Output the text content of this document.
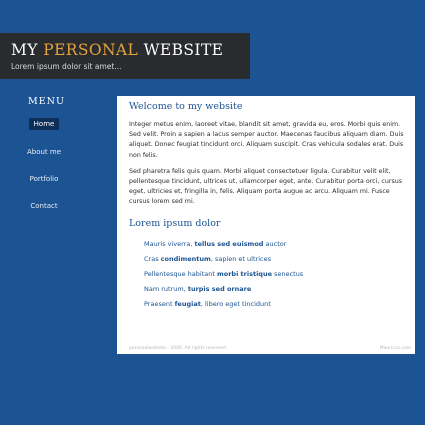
MY PERSONAL WEBSITE
Lorem ipsum dolor sit amet...
MENU
Home
About me
Portfolio
Contact
Welcome to my website

Integer metus enim, laoreet vitae, blandit sit amet, gravida eu, eros. Morbi quis enim. Sed velit. Proin a sapien a lacus semper auctor. Maecenas faucibus aliquam diam. Duis aliquet. Donec feugiat tincidunt orci. Aliquam suscipit. Cras vehicula sodales erat. Duis non felis.

Sed pharetra felis quis quam. Morbi aliquet consectetuer ligula. Curabitur velit elit, pellentesque tincidunt, ultrices ut, ullamcorper eget, ante. Curabitur porta orci, cursus eget, ultricies et, fringilla in, felis. Aliquam porta augue ac arcu. Aliquam mi. Fusce cursus lorem sed mi.

Lorem ipsum dolor
Mauris viverra, tellus sed euismod auctor
Cras condimentum, sapien et ultrices
Pellentesque habitant morbi tristique senectus
Nam rutrum, turpis sed ornare
Praesent feugiat, libero eget tincidunt
personalwebsite - 2006. All rights reserved.	Mauricus.com
